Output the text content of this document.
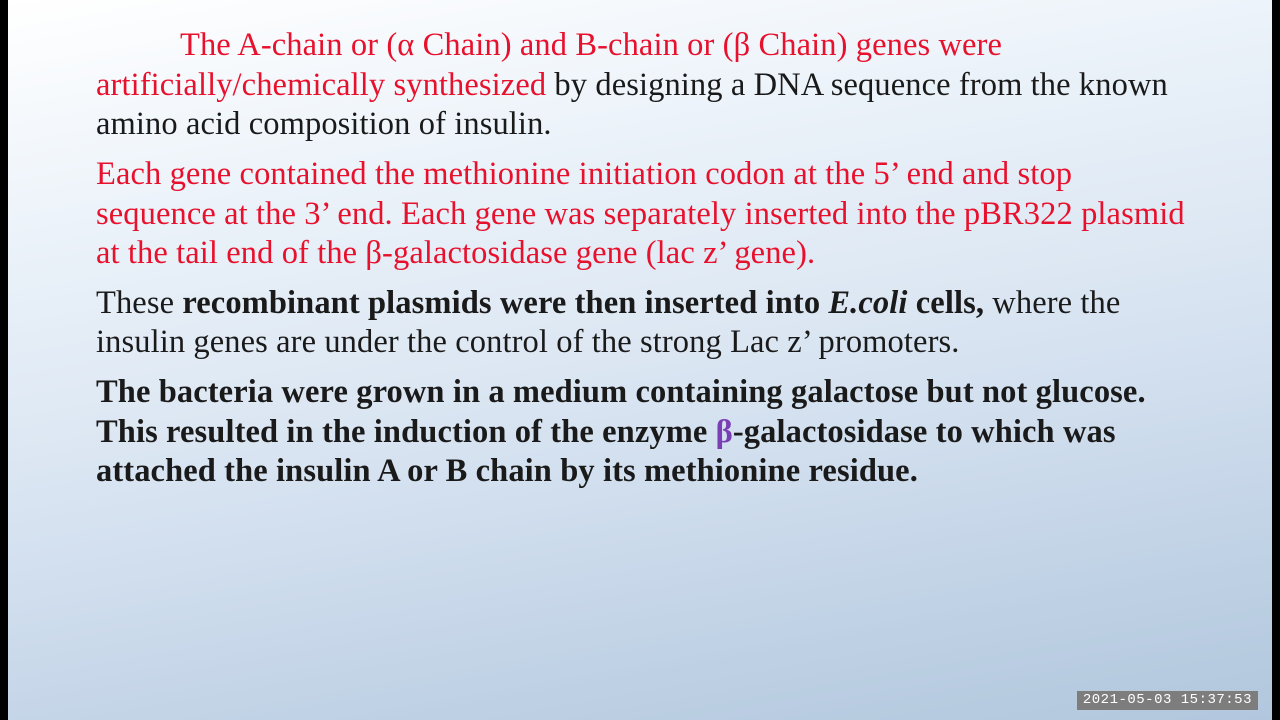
The A-chain or (α Chain) and B-chain or (β Chain) genes were artificially/chemically synthesized by designing a DNA sequence from the known amino acid composition of insulin.

Each gene contained the methionine initiation codon at the 5’ end and stop sequence at the 3’ end. Each gene was separately inserted into the pBR322 plasmid at the tail end of the β-galactosidase gene (lac z’ gene).

These recombinant plasmids were then inserted into E.coli cells, where the insulin genes are under the control of the strong Lac z’ promoters.

The bacteria were grown in a medium containing galactose but not glucose. This resulted in the induction of the enzyme β-galactosidase to which was attached the insulin A or B chain by its methionine residue.

2021-05-03 15:37:53
